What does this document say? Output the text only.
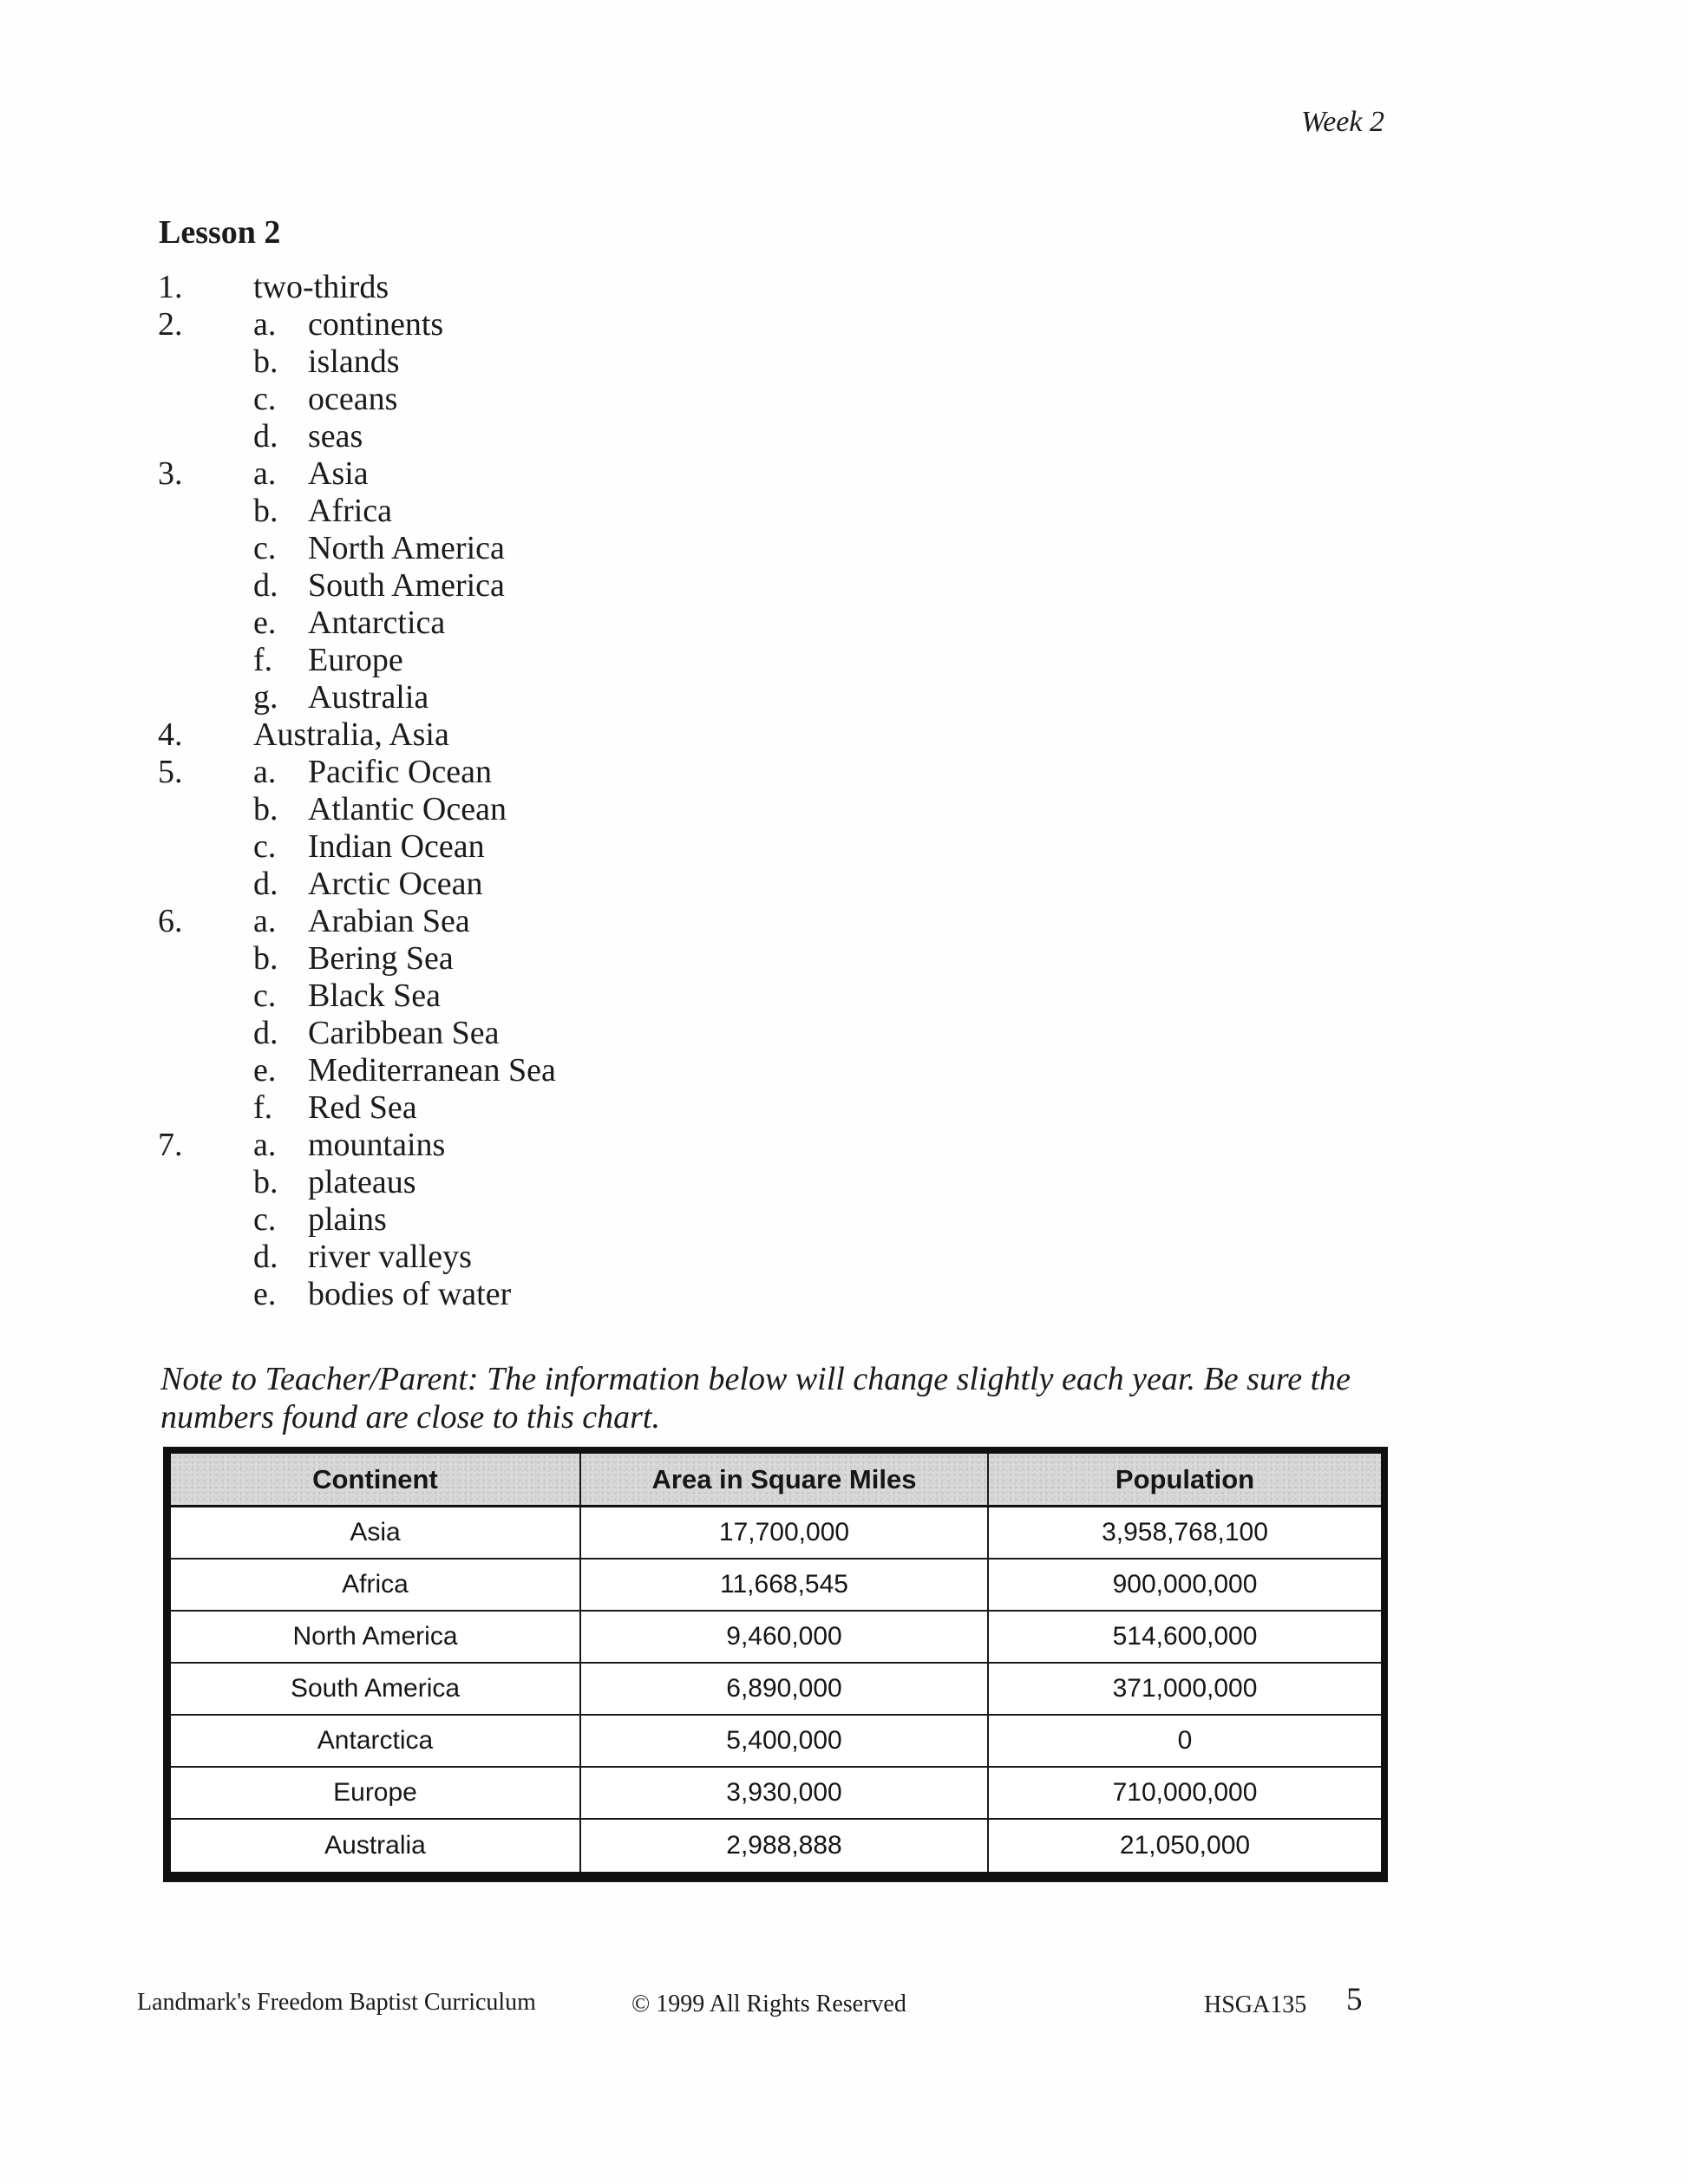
Week 2
Lesson 2
1.	two-thirds
2.	a. continents
b. islands
c. oceans
d. seas
3.	a. Asia
b. Africa
c. North America
d. South America
e. Antarctica
f.	Europe
g. Australia
4.	Australia, Asia
5.	a. Pacific Ocean
b. Atlantic Ocean
c. Indian Ocean
d. Arctic Ocean
6.	a. Arabian Sea
b. Bering Sea
c. Black Sea
d. Caribbean Sea
e. Mediterranean Sea
f.	Red Sea
7.	a. mountains
b. plateaus
c. plains
d. river valleys
e. bodies of water
Note to Teacher/Parent: The information below will change slightly each year. Be sure the
numbers found are close to this chart.
Continent	Area in Square Miles	Population
Asia	17,700,000	3,958,768,100
Africa	11,668,545	900,000,000
North America	9,460,000	514,600,000
South America	6,890,000	371,000,000
Antarctica	5,400,000	0
Europe	3,930,000	710,000,000
Australia	2,988,888	21,050,000
Landmark's Freedom Baptist Curriculum	© 1999 All Rights Reserved	HSGA135 5
